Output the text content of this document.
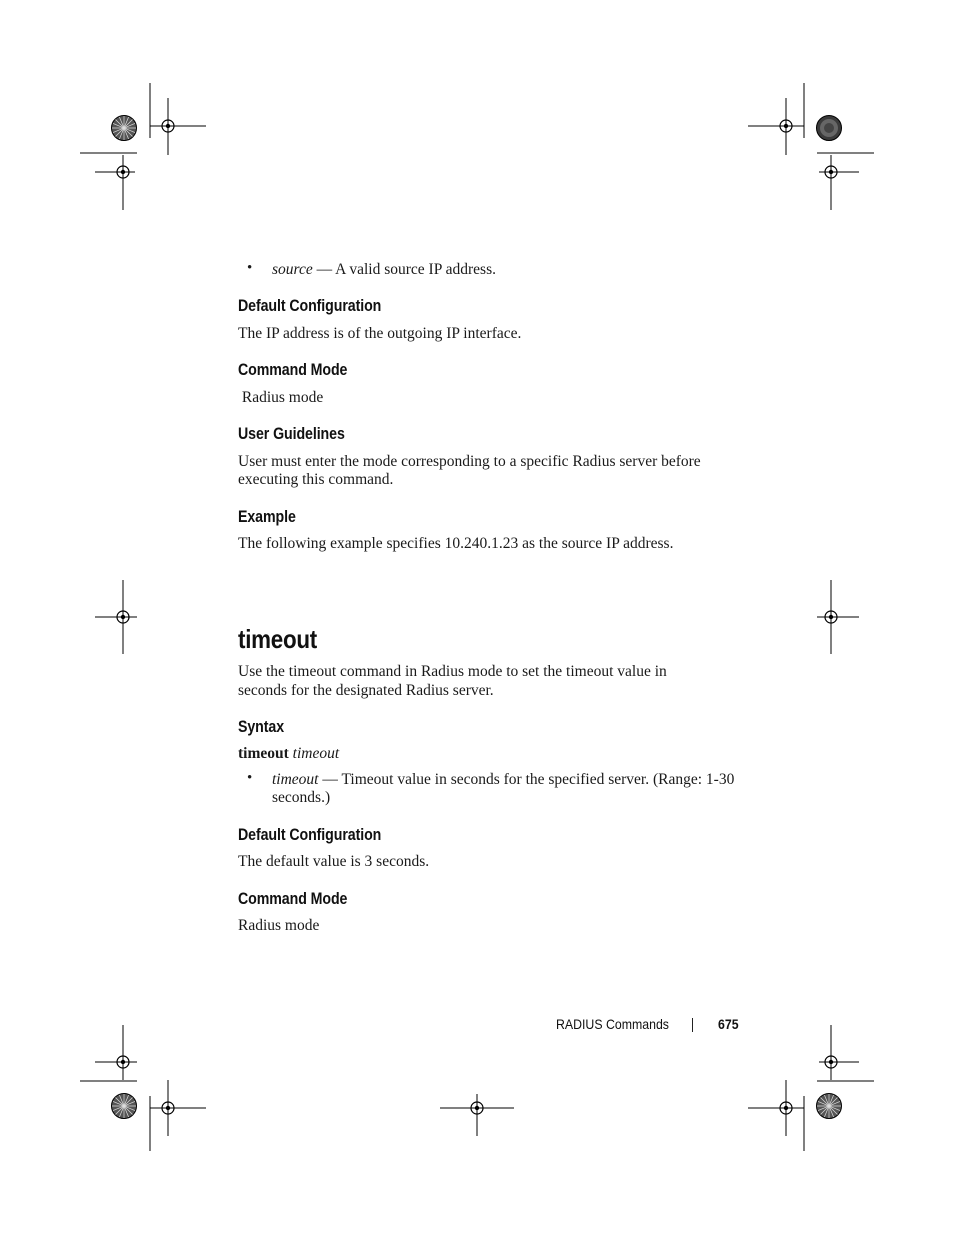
• source — A valid source IP address.
Default Configuration
The IP address is of the outgoing IP interface.
Command Mode
Radius mode
User Guidelines
User must enter the mode corresponding to a specific Radius server before
executing this command.
Example
The following example specifies 10.240.1.23 as the source IP address.
timeout
Use the timeout command in Radius mode to set the timeout value in
seconds for the designated Radius server.
Syntax
timeout timeout
• timeout — Timeout value in seconds for the specified server. (Range: 1-30
seconds.)
Default Configuration
The default value is 3 seconds.
Command Mode
Radius mode
RADIUS Commands	675
